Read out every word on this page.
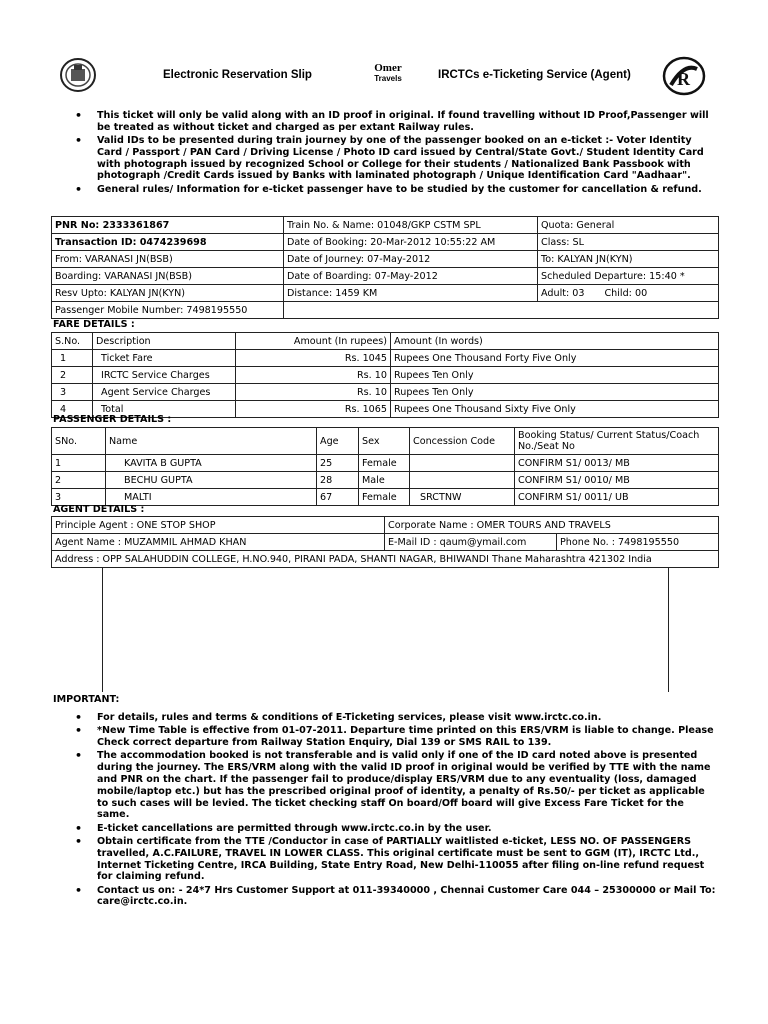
Electronic Reservation Slip
Omer
Travels	IRCTCs e-Ticketing Service (Agent)	R
• This ticket will only be valid along with an ID proof in original. If found travelling without ID Proof,Passenger will be treated as without ticket and charged as per extant Railway rules.
• Valid IDs to be presented during train journey by one of the passenger booked on an e-ticket :- Voter Identity Card / Passport / PAN Card / Driving License / Photo ID card issued by Central/State Govt./ Student Identity Card with photograph issued by recognized School or College for their students / Nationalized Bank Passbook with photograph /Credit Cards issued by Banks with laminated photograph / Unique Identification Card "Aadhaar".
• General rules/ Information for e-ticket passenger have to be studied by the customer for cancellation & refund.
PNR No: 2333361867	Train No. & Name: 01048/GKP CSTM SPL	Quota: General
Transaction ID: 0474239698	Date of Booking: 20-Mar-2012 10:55:22 AM	Class: SL
From: VARANASI JN(BSB)	Date of Journey: 07-May-2012	To: KALYAN JN(KYN)
Boarding: VARANASI JN(BSB)	Date of Boarding: 07-May-2012	Scheduled Departure: 15:40 *
Resv Upto: KALYAN JN(KYN)	Distance: 1459 KM	Adult: 03 Child: 00
Passenger Mobile Number: 7498195550		
FARE DETAILS :
S.No.	Description	Amount (In rupees)	Amount (In words)
1	Ticket Fare	Rs. 1045	Rupees One Thousand Forty Five Only
2	IRCTC Service Charges	Rs. 10	Rupees Ten Only
3	Agent Service Charges	Rs. 10	Rupees Ten Only
4	Total	Rs. 1065	Rupees One Thousand Sixty Five Only
PASSENGER DETAILS :
SNo.	Name	Age	Sex	Concession Code	Booking Status/ Current Status/Coach No./Seat No
1	KAVITA B GUPTA	25	Female		CONFIRM S1/ 0013/ MB
2	BECHU GUPTA	28	Male		CONFIRM S1/ 0010/ MB
3	MALTI	67	Female	SRCTNW	CONFIRM S1/ 0011/ UB
AGENT DETAILS :
Principle Agent : ONE STOP SHOP	Corporate Name : OMER TOURS AND TRAVELS	
Agent Name : MUZAMMIL AHMAD KHAN	E-Mail ID : qaum@ymail.com	Phone No. : 7498195550
Address : OPP SALAHUDDIN COLLEGE, H.NO.940, PIRANI PADA, SHANTI NAGAR, BHIWANDI Thane Maharashtra 421302 India		
IMPORTANT:
• For details, rules and terms & conditions of E-Ticketing services, please visit www.irctc.co.in.
• *New Time Table is effective from 01-07-2011. Departure time printed on this ERS/VRM is liable to change. Please Check correct departure from Railway Station Enquiry, Dial 139 or SMS RAIL to 139.
• The accommodation booked is not transferable and is valid only if one of the ID card noted above is presented during the journey. The ERS/VRM along with the valid ID proof in original would be verified by TTE with the name and PNR on the chart. If the passenger fail to produce/display ERS/VRM due to any eventuality (loss, damaged mobile/laptop etc.) but has the prescribed original proof of identity, a penalty of Rs.50/- per ticket as applicable to such cases will be levied. The ticket checking staff On board/Off board will give Excess Fare Ticket for the same.
• E-ticket cancellations are permitted through www.irctc.co.in by the user.
• Obtain certificate from the TTE /Conductor in case of PARTIALLY waitlisted e-ticket, LESS NO. OF PASSENGERS travelled, A.C.FAILURE, TRAVEL IN LOWER CLASS. This original certificate must be sent to GGM (IT), IRCTC Ltd., Internet Ticketing Centre, IRCA Building, State Entry Road, New Delhi-110055 after filing on-line refund request for claiming refund.
• Contact us on: - 24*7 Hrs Customer Support at 011-39340000 , Chennai Customer Care 044 – 25300000 or Mail To: care@irctc.co.in.
